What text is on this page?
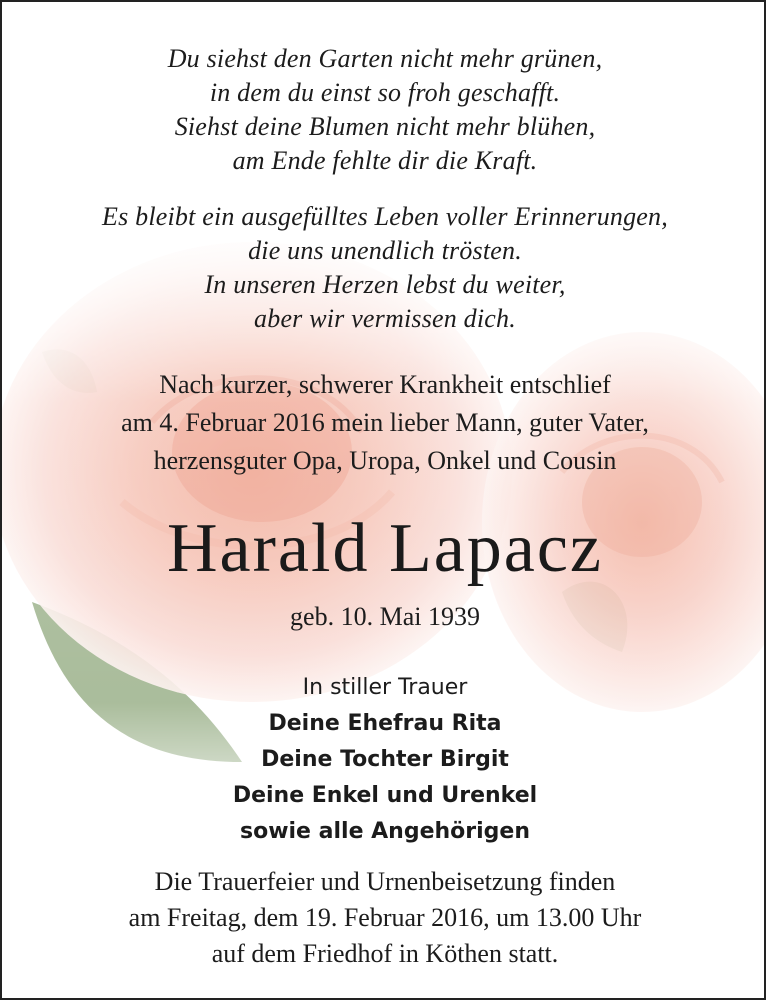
Du siehst den Garten nicht mehr grünen,
in dem du einst so froh geschafft.
Siehst deine Blumen nicht mehr blühen,
am Ende fehlte dir die Kraft.
Es bleibt ein ausgefülltes Leben voller Erinnerungen,
die uns unendlich trösten.
In unseren Herzen lebst du weiter,
aber wir vermissen dich.
Nach kurzer, schwerer Krankheit entschlief
am 4. Februar 2016 mein lieber Mann, guter Vater,
herzensguter Opa, Uropa, Onkel und Cousin
Harald Lapacz
geb. 10. Mai 1939
In stiller Trauer
Deine Ehefrau Rita
Deine Tochter Birgit
Deine Enkel und Urenkel
sowie alle Angehörigen
Die Trauerfeier und Urnenbeisetzung finden
am Freitag, dem 19. Februar 2016, um 13.00 Uhr
auf dem Friedhof in Köthen statt.
